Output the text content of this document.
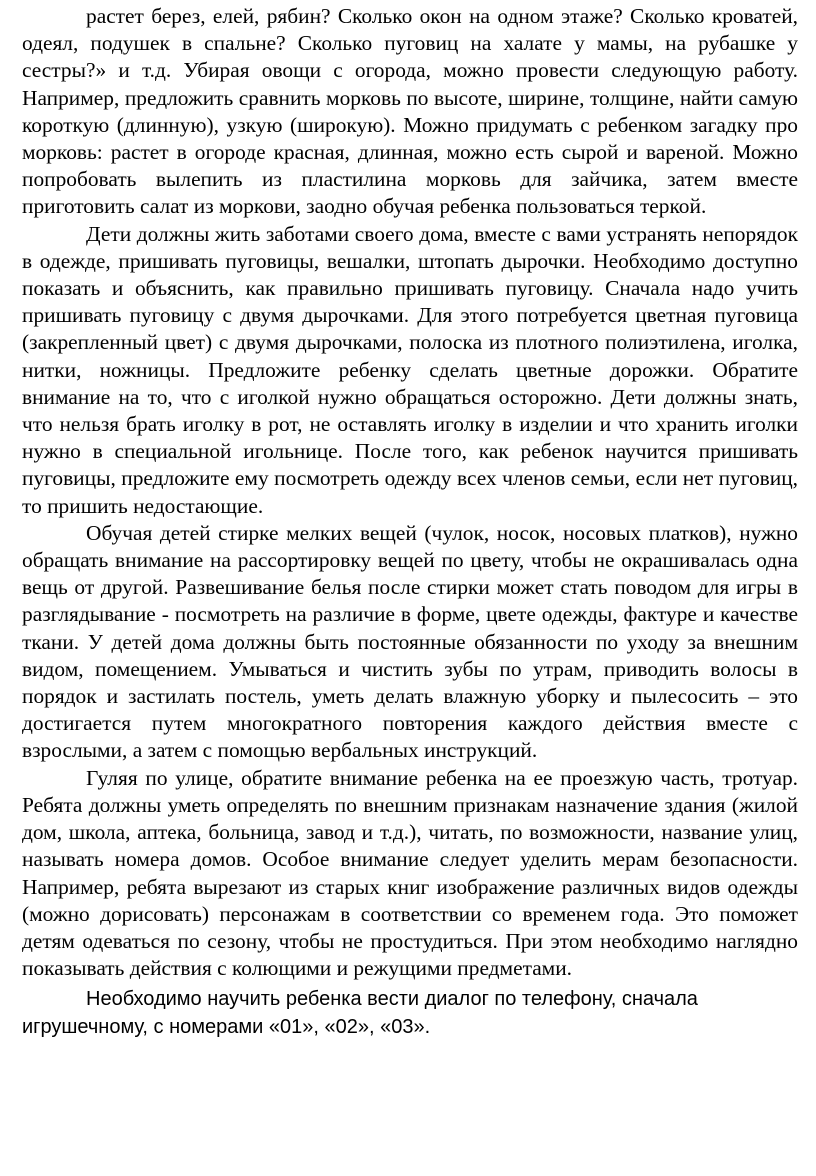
растет берез, елей, рябин? Сколько окон на одном этаже? Сколько кроватей, одеял, подушек в спальне? Сколько пуговиц на халате у мамы, на рубашке у сестры?» и т.д. Убирая овощи с огорода, можно провести следующую работу. Например, предложить сравнить морковь по высоте, ширине, толщине, найти самую короткую (длинную), узкую (широкую). Можно придумать с ребенком загадку про морковь: растет в огороде красная, длинная, можно есть сырой и вареной. Можно попробовать вылепить из пластилина морковь для зайчика, затем вместе приготовить салат из моркови, заодно обучая ребенка пользоваться теркой.

Дети должны жить заботами своего дома, вместе с вами устранять непорядок в одежде, пришивать пуговицы, вешалки, штопать дырочки. Необходимо доступно показать и объяснить, как правильно пришивать пуговицу. Сначала надо учить пришивать пуговицу с двумя дырочками. Для этого потребуется цветная пуговица (закрепленный цвет) с двумя дырочками, полоска из плотного полиэтилена, иголка, нитки, ножницы. Предложите ребенку сделать цветные дорожки. Обратите внимание на то, что с иголкой нужно обращаться осторожно. Дети должны знать, что нельзя брать иголку в рот, не оставлять иголку в изделии и что хранить иголки нужно в специальной игольнице. После того, как ребенок научится пришивать пуговицы, предложите ему посмотреть одежду всех членов семьи, если нет пуговиц, то пришить недостающие.

Обучая детей стирке мелких вещей (чулок, носок, носовых платков), нужно обращать внимание на рассортировку вещей по цвету, чтобы не окрашивалась одна вещь от другой. Развешивание белья после стирки может стать поводом для игры в разглядывание - посмотреть на различие в форме, цвете одежды, фактуре и качестве ткани. У детей дома должны быть постоянные обязанности по уходу за внешним видом, помещением. Умываться и чистить зубы по утрам, приводить волосы в порядок и застилать постель, уметь делать влажную уборку и пылесосить – это достигается путем многократного повторения каждого действия вместе с взрослыми, а затем с помощью вербальных инструкций.

Гуляя по улице, обратите внимание ребенка на ее проезжую часть, тротуар. Ребята должны уметь определять по внешним признакам назначение здания (жилой дом, школа, аптека, больница, завод и т.д.), читать, по возможности, название улиц, называть номера домов. Особое внимание следует уделить мерам безопасности. Например, ребята вырезают из старых книг изображение различных видов одежды (можно дорисовать) персонажам в соответствии со временем года. Это поможет детям одеваться по сезону, чтобы не простудиться. При этом необходимо наглядно показывать действия с колющими и режущими предметами.

Необходимо научить ребенка вести диалог по телефону, сначала игрушечному, с номерами «01», «02», «03».
